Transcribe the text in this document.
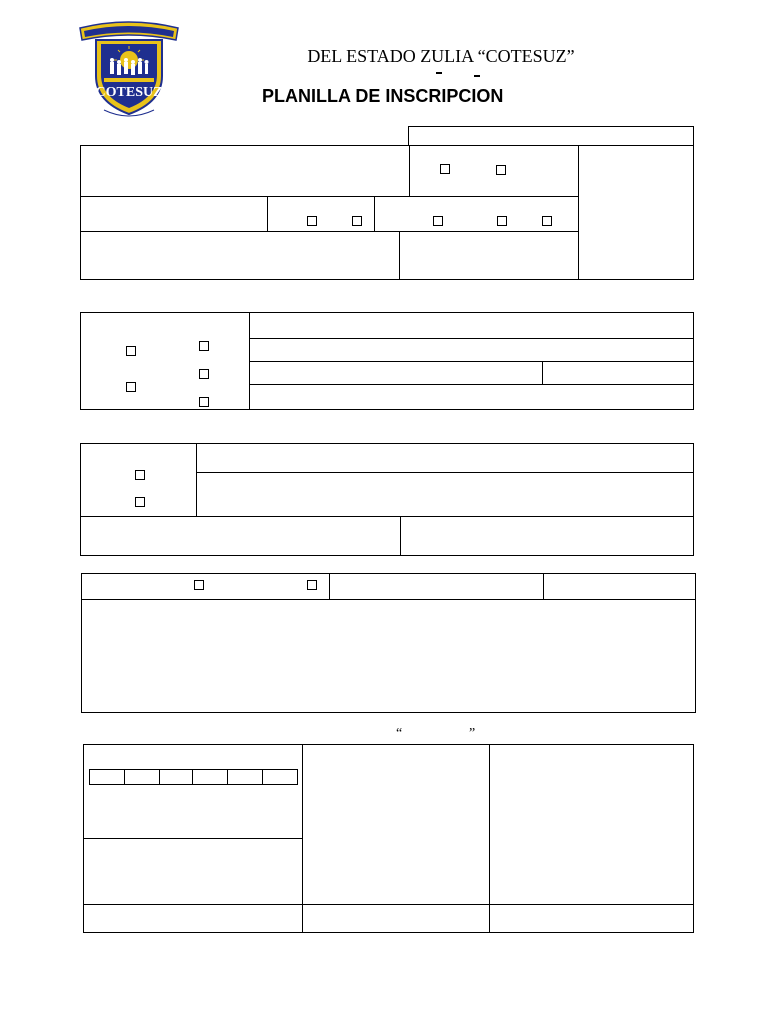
COTESUZ
DEL ESTADO ZULIA “COTESUZ”
PLANILLA DE INSCRIPCION
“	”
